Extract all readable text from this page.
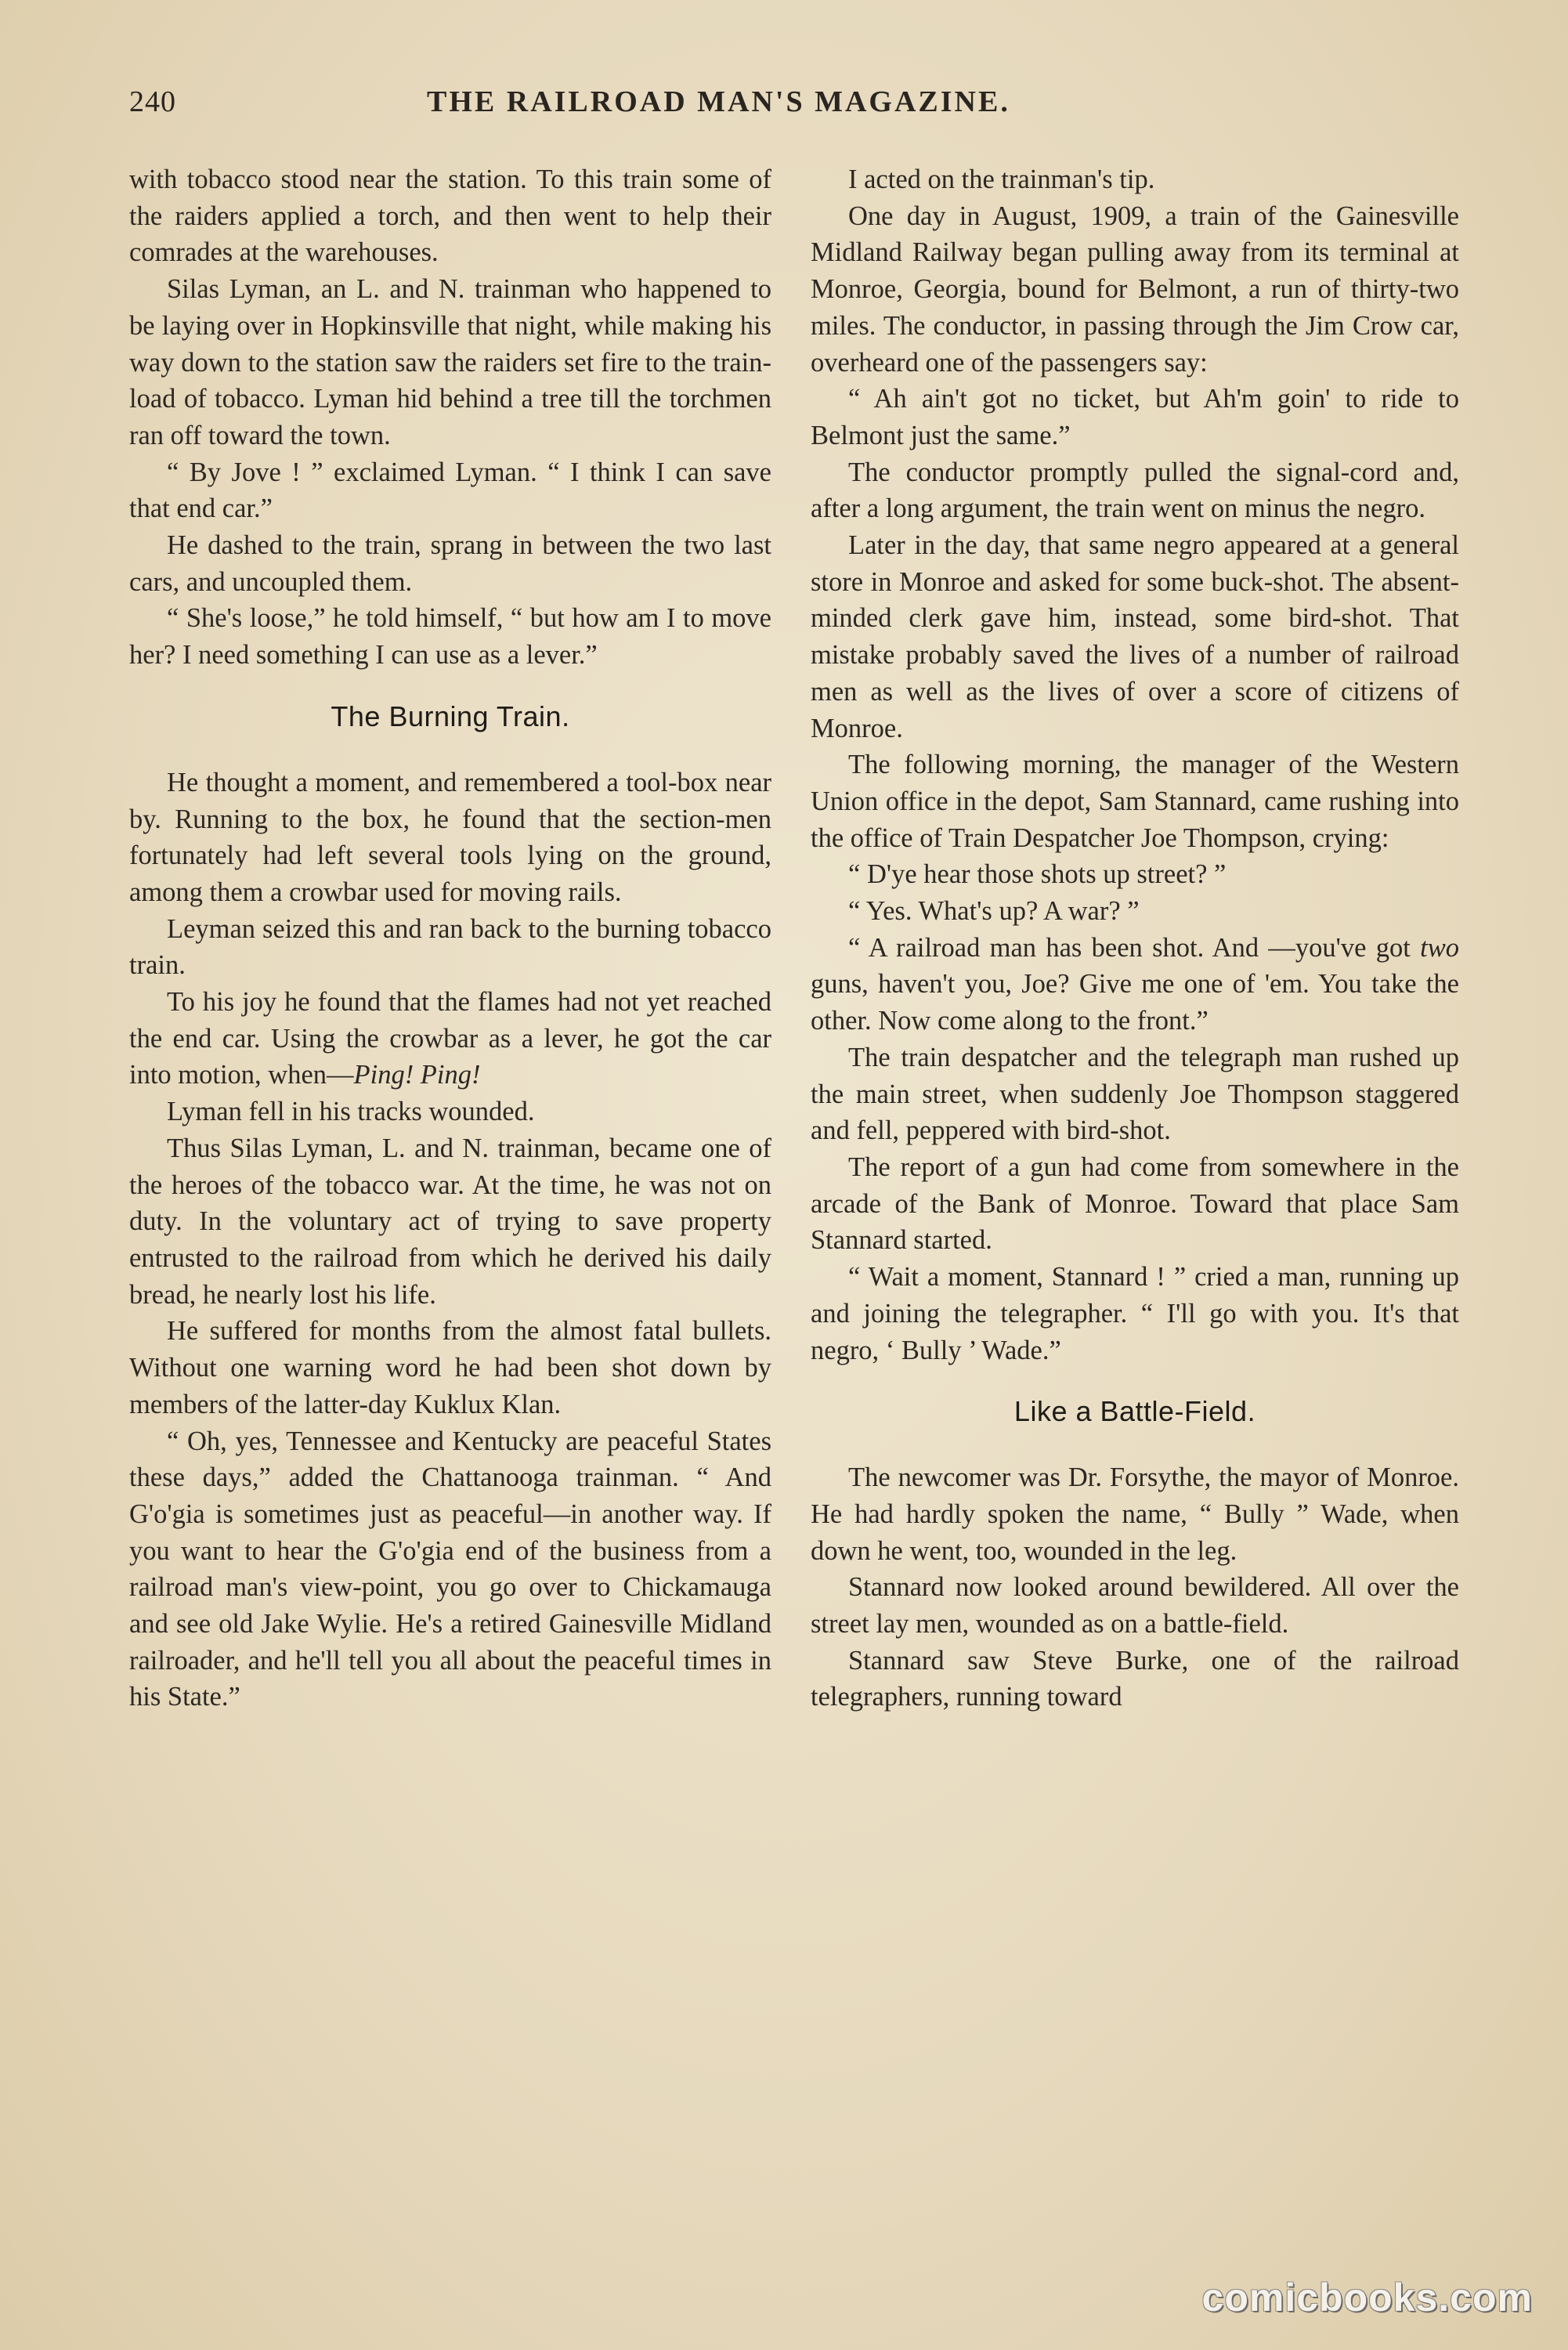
240	THE RAILROAD MAN'S MAGAZINE.

with tobacco stood near the station. To this train some of the raiders applied a torch, and then went to help their comrades at the warehouses.

Silas Lyman, an L. and N. trainman who happened to be laying over in Hopkinsville that night, while making his way down to the station saw the raiders set fire to the train-load of tobacco. Lyman hid behind a tree till the torchmen ran off toward the town.

“ By Jove ! ” exclaimed Lyman. “ I think I can save that end car.”

He dashed to the train, sprang in between the two last cars, and uncoupled them.

“ She's loose,” he told himself, “ but how am I to move her? I need something I can use as a lever.”

The Burning Train.

He thought a moment, and remembered a tool-box near by. Running to the box, he found that the section-men fortunately had left several tools lying on the ground, among them a crowbar used for moving rails.

Leyman seized this and ran back to the burning tobacco train.

To his joy he found that the flames had not yet reached the end car. Using the crowbar as a lever, he got the car into motion, when—Ping! Ping!

Lyman fell in his tracks wounded.

Thus Silas Lyman, L. and N. trainman, became one of the heroes of the tobacco war. At the time, he was not on duty. In the voluntary act of trying to save property entrusted to the railroad from which he derived his daily bread, he nearly lost his life.

He suffered for months from the almost fatal bullets. Without one warning word he had been shot down by members of the latter-day Kuklux Klan.

“ Oh, yes, Tennessee and Kentucky are peaceful States these days,” added the Chattanooga trainman. “ And G'o'gia is sometimes just as peaceful—in another way. If you want to hear the G'o'gia end of the business from a railroad man's view-point, you go over to Chickamauga and see old Jake Wylie. He's a retired Gainesville Midland railroader, and he'll tell you all about the peaceful times in his State.”

I acted on the trainman's tip.

One day in August, 1909, a train of the Gainesville Midland Railway began pulling away from its terminal at Monroe, Georgia, bound for Belmont, a run of thirty-two miles. The conductor, in passing through the Jim Crow car, overheard one of the passengers say:

“ Ah ain't got no ticket, but Ah'm goin' to ride to Belmont just the same.”

The conductor promptly pulled the signal-cord and, after a long argument, the train went on minus the negro.

Later in the day, that same negro appeared at a general store in Monroe and asked for some buck-shot. The absent-minded clerk gave him, instead, some bird-shot. That mistake probably saved the lives of a number of railroad men as well as the lives of over a score of citizens of Monroe.

The following morning, the manager of the Western Union office in the depot, Sam Stannard, came rushing into the office of Train Despatcher Joe Thompson, crying:

“ D'ye hear those shots up street? ”

“ Yes. What's up? A war? ”

“ A railroad man has been shot. And —you've got two guns, haven't you, Joe? Give me one of 'em. You take the other. Now come along to the front.”

The train despatcher and the telegraph man rushed up the main street, when suddenly Joe Thompson staggered and fell, peppered with bird-shot.

The report of a gun had come from somewhere in the arcade of the Bank of Monroe. Toward that place Sam Stannard started.

“ Wait a moment, Stannard ! ” cried a man, running up and joining the telegrapher. “ I'll go with you. It's that negro, ‘ Bully ’ Wade.”

Like a Battle-Field.

The newcomer was Dr. Forsythe, the mayor of Monroe. He had hardly spoken the name, “ Bully ” Wade, when down he went, too, wounded in the leg.

Stannard now looked around bewildered. All over the street lay men, wounded as on a battle-field.

Stannard saw Steve Burke, one of the railroad telegraphers, running toward

comicbooks.com
